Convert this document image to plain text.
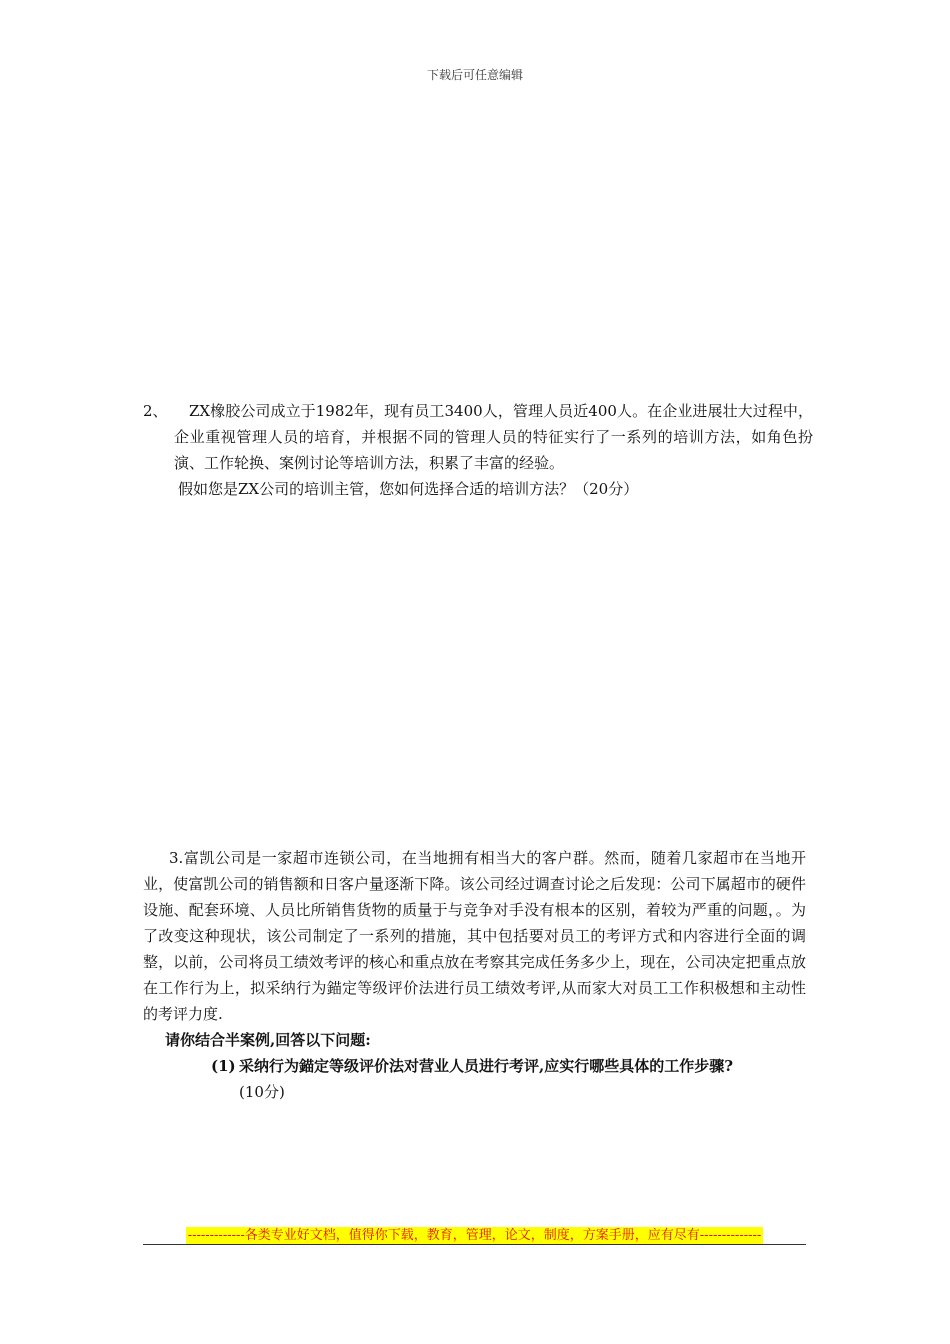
下载后可任意编辑
2、	ZX橡胶公司成立于1982年，现有员工3400人，管理人员近400人。在企业进展壮大过程中，企业重视管理人员的培育，并根据不同的管理人员的特征实行了一系列的培训方法，如角色扮演、工作轮换、案例讨论等培训方法，积累了丰富的经验。
假如您是ZX公司的培训主管，您如何选择合适的培训方法？（20分）
3.富凯公司是一家超市连锁公司，在当地拥有相当大的客户群。然而，随着几家超市在当地开业，使富凯公司的销售额和日客户量逐渐下降。该公司经过调查讨论之后发现：公司下属超市的硬件设施、配套环境、人员比所销售货物的质量于与竞争对手没有根本的区别，着较为严重的问题，。为了改变这种现状，该公司制定了一系列的措施，其中包括要对员工的考评方式和内容进行全面的调整，以前，公司将员工绩效考评的核心和重点放在考察其完成任务多少上，现在，公司决定把重点放在工作行为上，拟采纳行为錨定等级评价法进行员工绩效考评,从而家大对员工工作积极想和主动性的考评力度.
请你结合半案例,回答以下问题:
(1) 采纳行为錨定等级评价法对营业人员进行考评,应实行哪些具体的工作步骤?
(10分)
-------------各类专业好文档，值得你下载，教育，管理，论文，制度，方案手册，应有尽有--------------
